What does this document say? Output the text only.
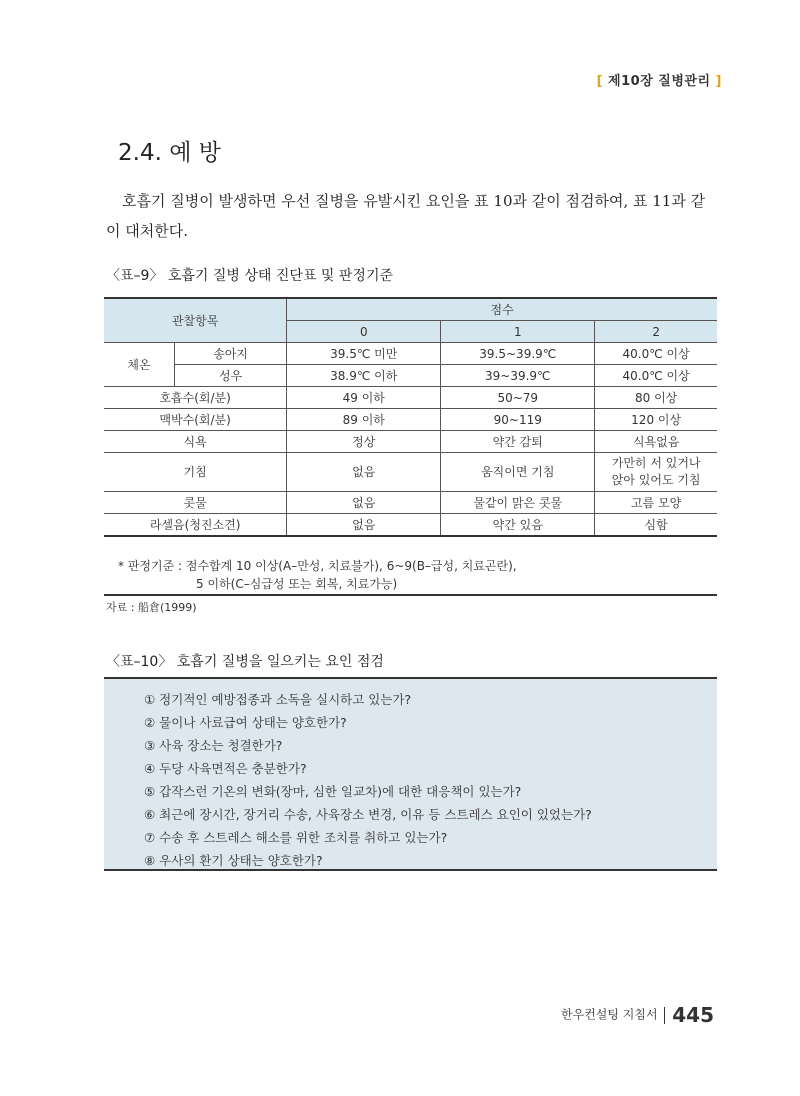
[ 제10장 질병관리 ]
2.4. 예 방
호흡기 질병이 발생하면 우선 질병을 유발시킨 요인을 표 10과 같이 점검하여, 표 11과 같이 대처한다.
〈표–9〉 호흡기 질병 상태 진단표 및 판정기준
관찰항목		점수		
		0	1	2
체온	송아지	39.5℃ 미만	39.5~39.9℃	40.0℃ 이상
	성우	38.9℃ 이하	39~39.9℃	40.0℃ 이상
호흡수(회/분)		49 이하	50~79	80 이상
맥박수(회/분)		89 이하	90~119	120 이상
식욕		정상	약간 감퇴	식욕없음
기침		없음	움직이면 기침	가만히 서 있거나
앉아 있어도 기침

콧물		없음	물같이 맑은 콧물	고름 모양
라셀음(청진소견)		없음	약간 있음	심함
* 판정기준 : 점수합계 10 이상(A–만성, 치료불가), 6~9(B–급성, 치료곤란),
5 이하(C–심급성 또는 회복, 치료가능)
자료 : 船倉(1999)
〈표–10〉 호흡기 질병을 일으키는 요인 점검
① 정기적인 예방접종과 소독을 실시하고 있는가?
② 물이나 사료급여 상태는 양호한가?
③ 사육 장소는 청결한가?
④ 두당 사육면적은 충분한가?
⑤ 갑작스런 기온의 변화(장마, 심한 일교차)에 대한 대응책이 있는가?
⑥ 최근에 장시간, 장거리 수송, 사육장소 변경, 이유 등 스트레스 요인이 있었는가?
⑦ 수송 후 스트레스 해소를 위한 조치를 취하고 있는가?
⑧ 우사의 환기 상태는 양호한가?
한우컨설팅 지침서 445
